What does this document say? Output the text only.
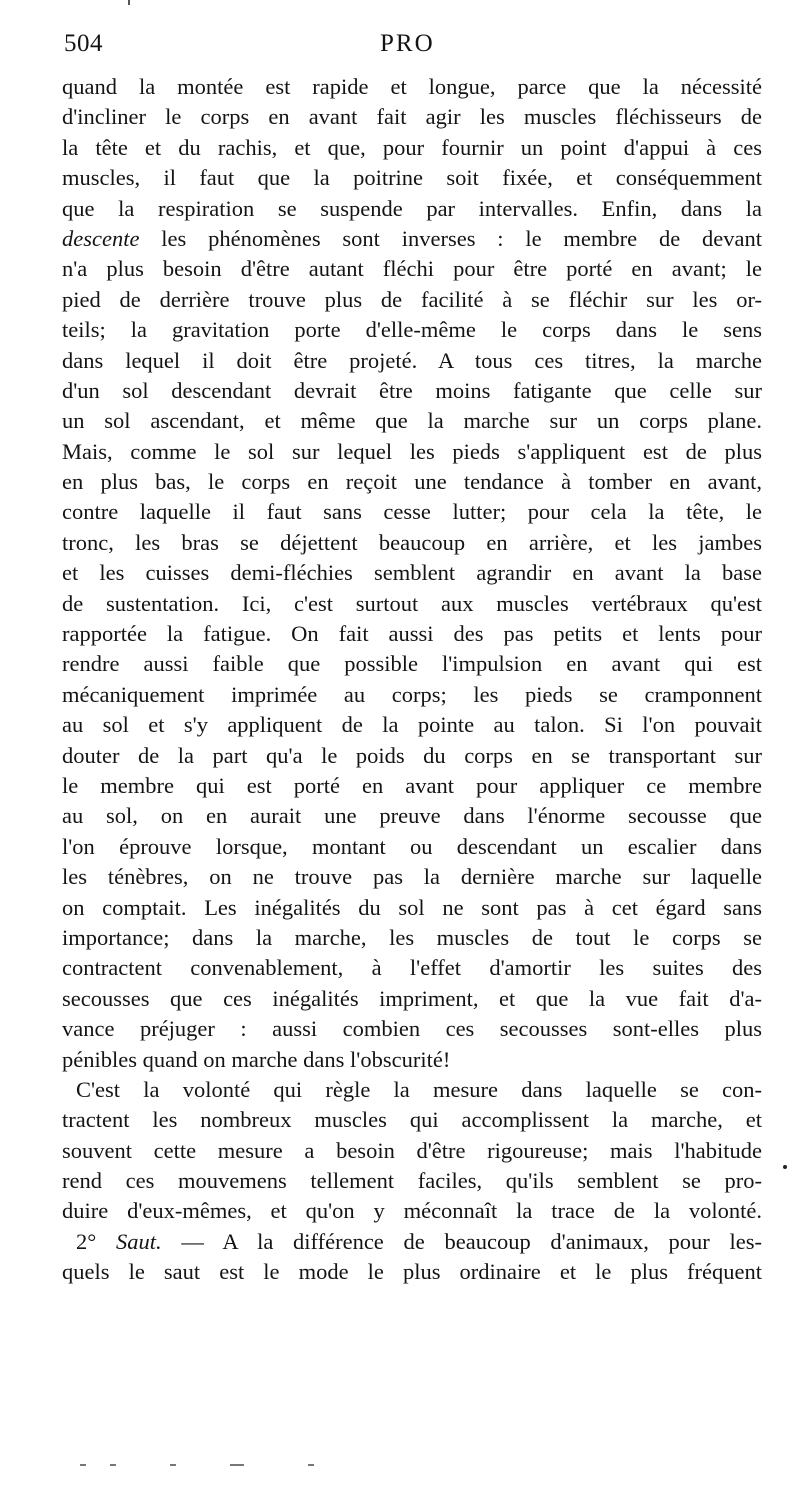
504	PRO
quand la montée est rapide et longue, parce que la nécessité
d'incliner le corps en avant fait agir les muscles fléchisseurs de
la tête et du rachis, et que, pour fournir un point d'appui à ces
muscles, il faut que la poitrine soit fixée, et conséquemment
que la respiration se suspende par intervalles. Enfin, dans la
descente les phénomènes sont inverses : le membre de devant
n'a plus besoin d'être autant fléchi pour être porté en avant; le
pied de derrière trouve plus de facilité à se fléchir sur les or-
teils; la gravitation porte d'elle-même le corps dans le sens
dans lequel il doit être projeté. A tous ces titres, la marche
d'un sol descendant devrait être moins fatigante que celle sur
un sol ascendant, et même que la marche sur un corps plane.
Mais, comme le sol sur lequel les pieds s'appliquent est de plus
en plus bas, le corps en reçoit une tendance à tomber en avant,
contre laquelle il faut sans cesse lutter; pour cela la tête, le
tronc, les bras se déjettent beaucoup en arrière, et les jambes
et les cuisses demi-fléchies semblent agrandir en avant la base
de sustentation. Ici, c'est surtout aux muscles vertébraux qu'est
rapportée la fatigue. On fait aussi des pas petits et lents pour
rendre aussi faible que possible l'impulsion en avant qui est
mécaniquement imprimée au corps; les pieds se cramponnent
au sol et s'y appliquent de la pointe au talon. Si l'on pouvait
douter de la part qu'a le poids du corps en se transportant sur
le membre qui est porté en avant pour appliquer ce membre
au sol, on en aurait une preuve dans l'énorme secousse que
l'on éprouve lorsque, montant ou descendant un escalier dans
les ténèbres, on ne trouve pas la dernière marche sur laquelle
on comptait. Les inégalités du sol ne sont pas à cet égard sans
importance; dans la marche, les muscles de tout le corps se
contractent convenablement, à l'effet d'amortir les suites des
secousses que ces inégalités impriment, et que la vue fait d'a-
vance préjuger : aussi combien ces secousses sont-elles plus
pénibles quand on marche dans l'obscurité!
C'est la volonté qui règle la mesure dans laquelle se con-
tractent les nombreux muscles qui accomplissent la marche, et
souvent cette mesure a besoin d'être rigoureuse; mais l'habitude
rend ces mouvemens tellement faciles, qu'ils semblent se pro-
duire d'eux-mêmes, et qu'on y méconnaît la trace de la volonté.
2° Saut. — A la différence de beaucoup d'animaux, pour les-
quels le saut est le mode le plus ordinaire et le plus fréquent
